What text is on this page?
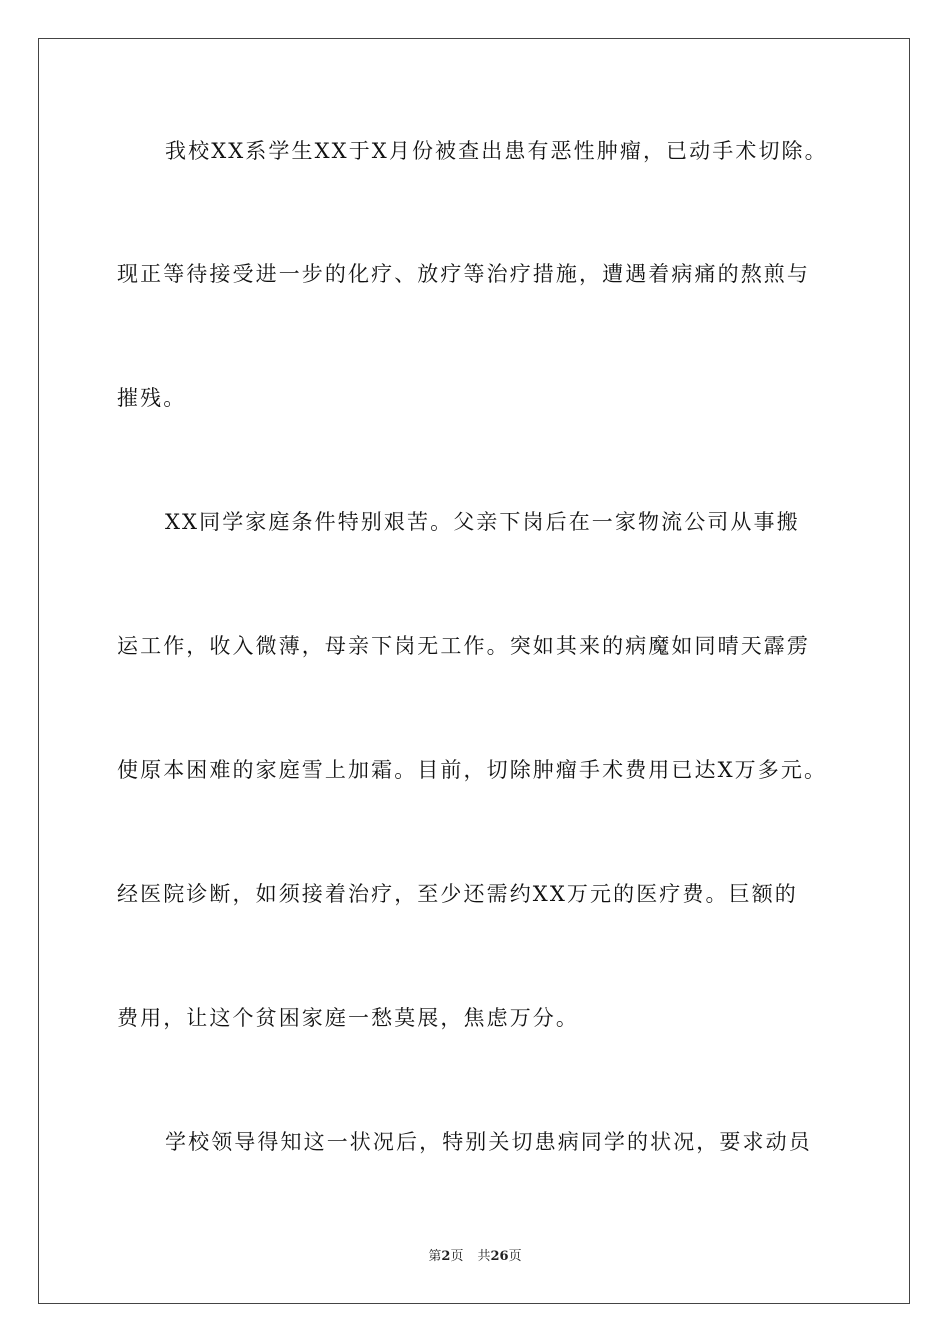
我校XX系学生XX于X月份被查出患有恶性肿瘤，已动手术切除。
现正等待接受进一步的化疗、放疗等治疗措施，遭遇着病痛的熬煎与
摧残。
XX同学家庭条件特别艰苦。父亲下岗后在一家物流公司从事搬
运工作，收入微薄，母亲下岗无工作。突如其来的病魔如同晴天霹雳
使原本困难的家庭雪上加霜。目前，切除肿瘤手术费用已达X万多元。
经医院诊断，如须接着治疗，至少还需约XX万元的医疗费。巨额的
费用，让这个贫困家庭一愁莫展，焦虑万分。
学校领导得知这一状况后，特别关切患病同学的状况，要求动员
第2页 共26页
